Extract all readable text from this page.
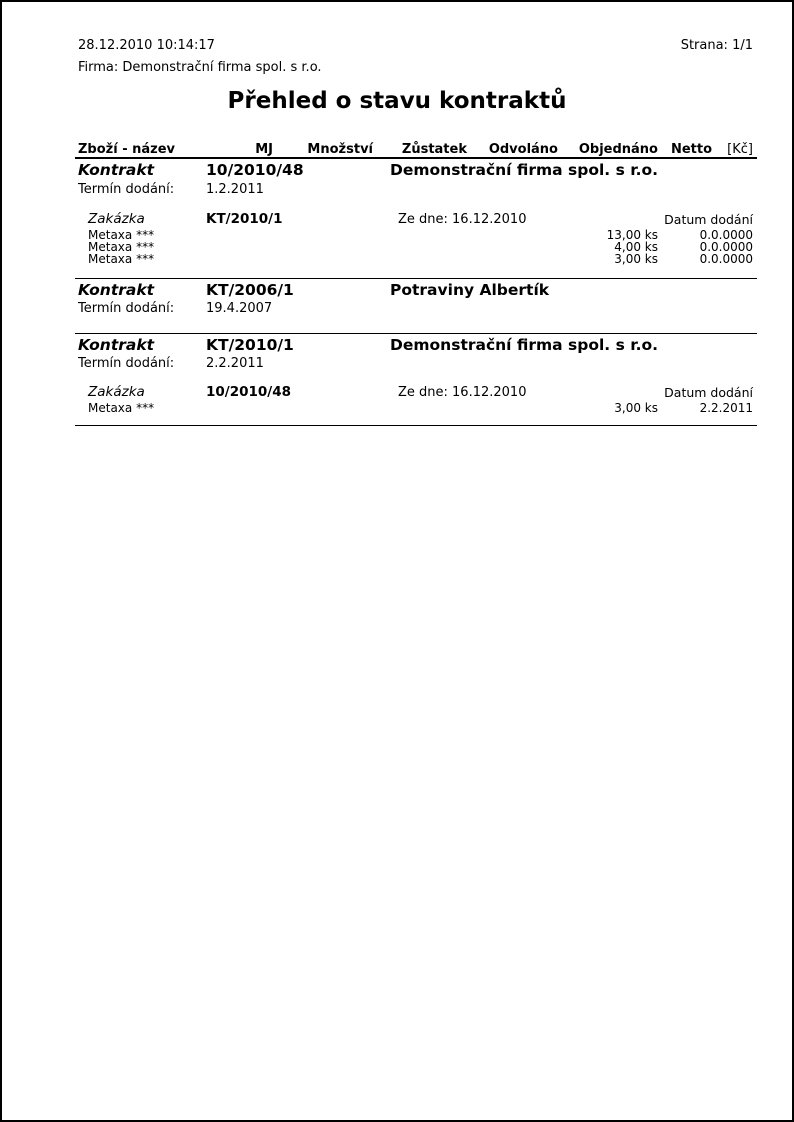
28.12.2010 10:14:17	Strana: 1/1
Firma: Demonstrační firma spol. s r.o.
Přehled o stavu kontraktů
Zboží - název	MJ	Množství Zůstatek Odvoláno Objednáno Netto [Kč]
Kontrakt	10/2010/48	Demonstrační firma spol. s r.o.
Termín dodání: 1.2.2011
Zakázka	KT/2010/1	Ze dne: 16.12.2010	Datum dodání
Metaxa ***	13,00 ks	0.0.0000
Metaxa ***	4,00 ks	0.0.0000
Metaxa ***	3,00 ks	0.0.0000
Kontrakt	KT/2006/1	Potraviny Albertík
Termín dodání: 19.4.2007
Kontrakt	KT/2010/1	Demonstrační firma spol. s r.o.
Termín dodání: 2.2.2011
Zakázka	10/2010/48	Ze dne: 16.12.2010	Datum dodání
Metaxa ***	3,00 ks	2.2.2011
